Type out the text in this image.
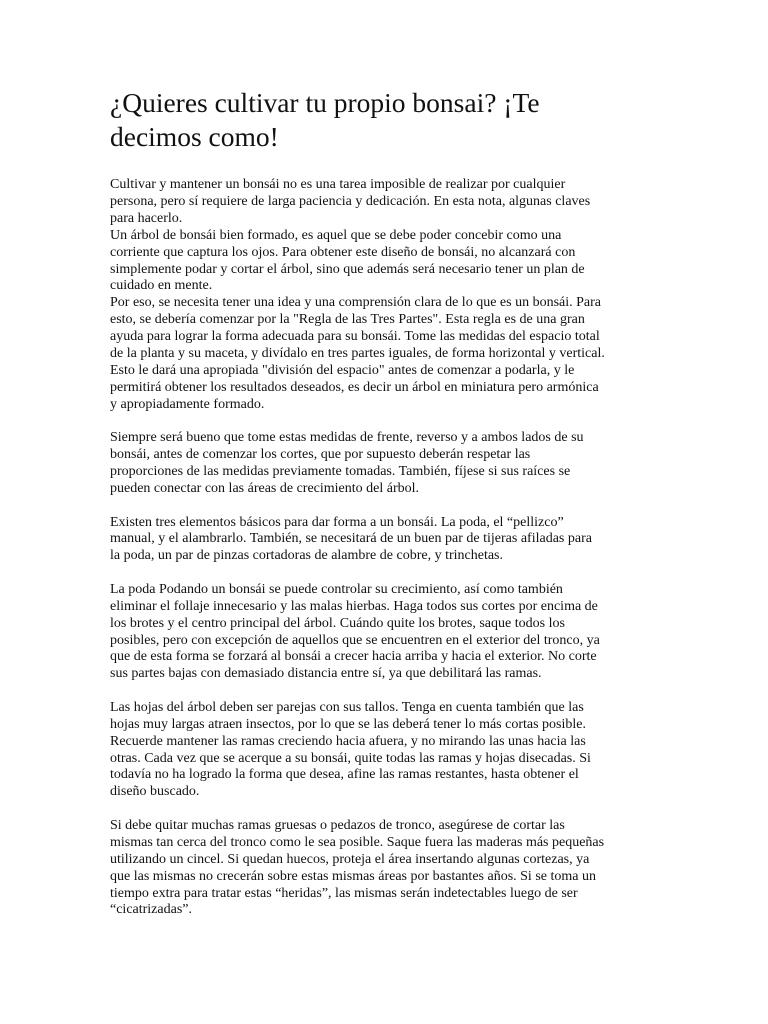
¿Quieres cultivar tu propio bonsai? ¡Te
decimos como!

Cultivar y mantener un bonsái no es una tarea imposible de realizar por cualquier
persona, pero sí requiere de larga paciencia y dedicación. En esta nota, algunas claves
para hacerlo.
Un árbol de bonsái bien formado, es aquel que se debe poder concebir como una
corriente que captura los ojos. Para obtener este diseño de bonsái, no alcanzará con
simplemente podar y cortar el árbol, sino que además será necesario tener un plan de
cuidado en mente.
Por eso, se necesita tener una idea y una comprensión clara de lo que es un bonsái. Para
esto, se debería comenzar por la "Regla de las Tres Partes". Esta regla es de una gran
ayuda para lograr la forma adecuada para su bonsái. Tome las medidas del espacio total
de la planta y su maceta, y divídalo en tres partes iguales, de forma horizontal y vertical.
Esto le dará una apropiada "división del espacio" antes de comenzar a podarla, y le
permitirá obtener los resultados deseados, es decir un árbol en miniatura pero armónica
y apropiadamente formado.

Siempre será bueno que tome estas medidas de frente, reverso y a ambos lados de su
bonsái, antes de comenzar los cortes, que por supuesto deberán respetar las
proporciones de las medidas previamente tomadas. También, fíjese si sus raíces se
pueden conectar con las áreas de crecimiento del árbol.

Existen tres elementos básicos para dar forma a un bonsái. La poda, el “pellizco”
manual, y el alambrarlo. También, se necesitará de un buen par de tijeras afiladas para
la poda, un par de pinzas cortadoras de alambre de cobre, y trinchetas.

La poda Podando un bonsái se puede controlar su crecimiento, así como también
eliminar el follaje innecesario y las malas hierbas. Haga todos sus cortes por encima de
los brotes y el centro principal del árbol. Cuándo quite los brotes, saque todos los
posibles, pero con excepción de aquellos que se encuentren en el exterior del tronco, ya
que de esta forma se forzará al bonsái a crecer hacia arriba y hacia el exterior. No corte
sus partes bajas con demasiado distancia entre sí, ya que debilitará las ramas.

Las hojas del árbol deben ser parejas con sus tallos. Tenga en cuenta también que las
hojas muy largas atraen insectos, por lo que se las deberá tener lo más cortas posible.
Recuerde mantener las ramas creciendo hacia afuera, y no mirando las unas hacia las
otras. Cada vez que se acerque a su bonsái, quite todas las ramas y hojas disecadas. Si
todavía no ha logrado la forma que desea, afine las ramas restantes, hasta obtener el
diseño buscado.

Si debe quitar muchas ramas gruesas o pedazos de tronco, asegúrese de cortar las
mismas tan cerca del tronco como le sea posible. Saque fuera las maderas más pequeñas
utilizando un cincel. Si quedan huecos, proteja el área insertando algunas cortezas, ya
que las mismas no crecerán sobre estas mismas áreas por bastantes años. Si se toma un
tiempo extra para tratar estas “heridas”, las mismas serán indetectables luego de ser
“cicatrizadas”.
